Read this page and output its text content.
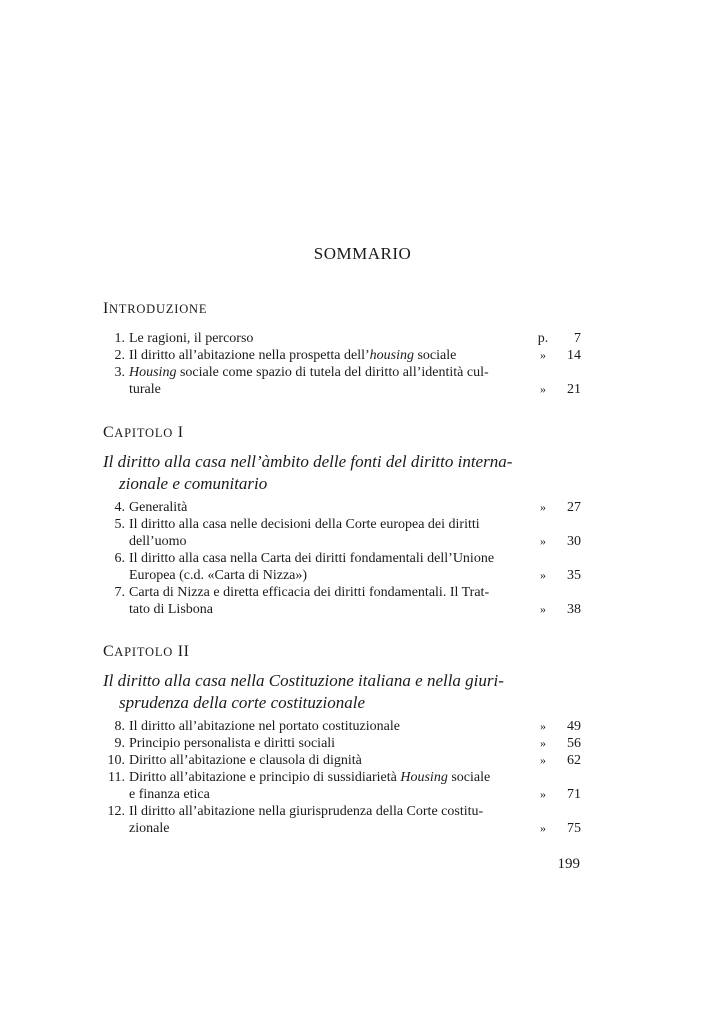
SOMMARIO
INTRODUZIONE
1. Le ragioni, il percorso	p.	7
2. Il diritto all’abitazione nella prospetta dell’housing sociale	»	14
3. Housing sociale come spazio di tutela del diritto all’identità cul-
turale	»	21
CAPITOLO I
Il diritto alla casa nell’àmbito delle fonti del diritto interna-
zionale e comunitario
4. Generalità	»	27
5. Il diritto alla casa nelle decisioni della Corte europea dei diritti
dell’uomo	»	30
6. Il diritto alla casa nella Carta dei diritti fondamentali dell’Unione
Europea (c.d. «Carta di Nizza»)	»	35
7. Carta di Nizza e diretta efficacia dei diritti fondamentali. Il Trat-
tato di Lisbona	»	38
CAPITOLO II
Il diritto alla casa nella Costituzione italiana e nella giuri-
sprudenza della corte costituzionale
8. Il diritto all’abitazione nel portato costituzionale	»	49
9. Principio personalista e diritti sociali	»	56
10. Diritto all’abitazione e clausola di dignità	»	62
11. Diritto all’abitazione e principio di sussidiarietà Housing sociale
e finanza etica	»	71
12. Il diritto all’abitazione nella giurisprudenza della Corte costitu-
zionale	»	75
199
